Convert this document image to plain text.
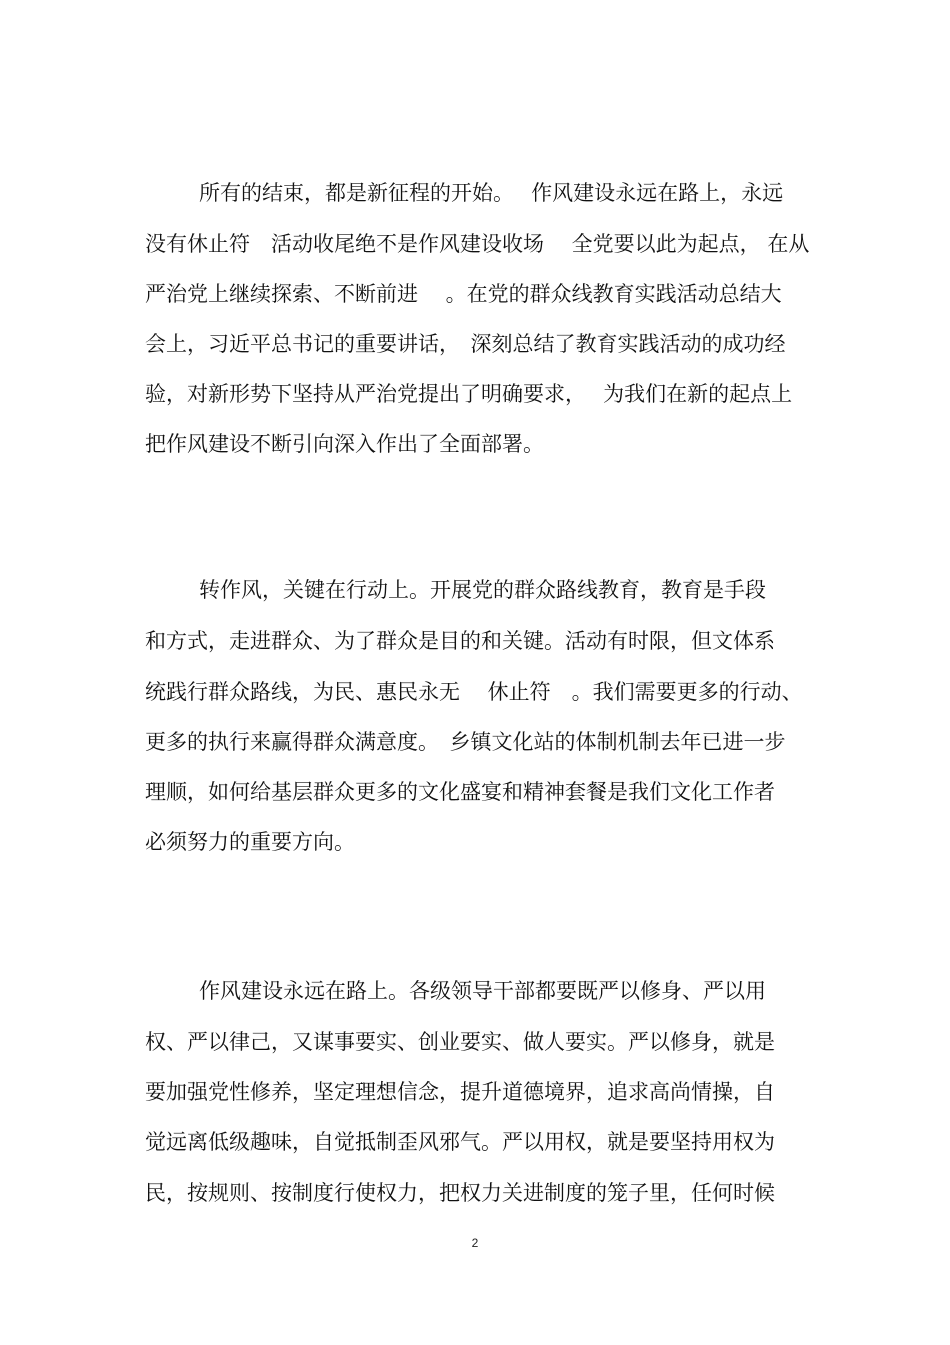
所有的结束，都是新征程的开始。　 作风建设永远在路上，永远

没有休止符　活动收尾绝不是作风建设收场　 全党要以此为起点， 在从

严治党上继续探索、不断前进　 。在党的群众线教育实践活动总结大

会上，习近平总书记的重要讲话，　深刻总结了教育实践活动的成功经

验，对新形势下坚持从严治党提出了明确要求，　 为我们在新的起点上

把作风建设不断引向深入作出了全面部署。

转作风，关键在行动上。开展党的群众路线教育，教育是手段

和方式，走进群众、为了群众是目的和关键。活动有时限，但文体系

统践行群众路线，为民、惠民永无　 休止符　。我们需要更多的行动、

更多的执行来赢得群众满意度。　乡镇文化站的体制机制去年已进一步

理顺，如何给基层群众更多的文化盛宴和精神套餐是我们文化工作者

必须努力的重要方向。

作风建设永远在路上。各级领导干部都要既严以修身、严以用

权、严以律己，又谋事要实、创业要实、做人要实。严以修身，就是

要加强党性修养，坚定理想信念，提升道德境界，追求高尚情操，自

觉远离低级趣味，自觉抵制歪风邪气。严以用权，就是要坚持用权为

民，按规则、按制度行使权力，把权力关进制度的笼子里，任何时候

2
